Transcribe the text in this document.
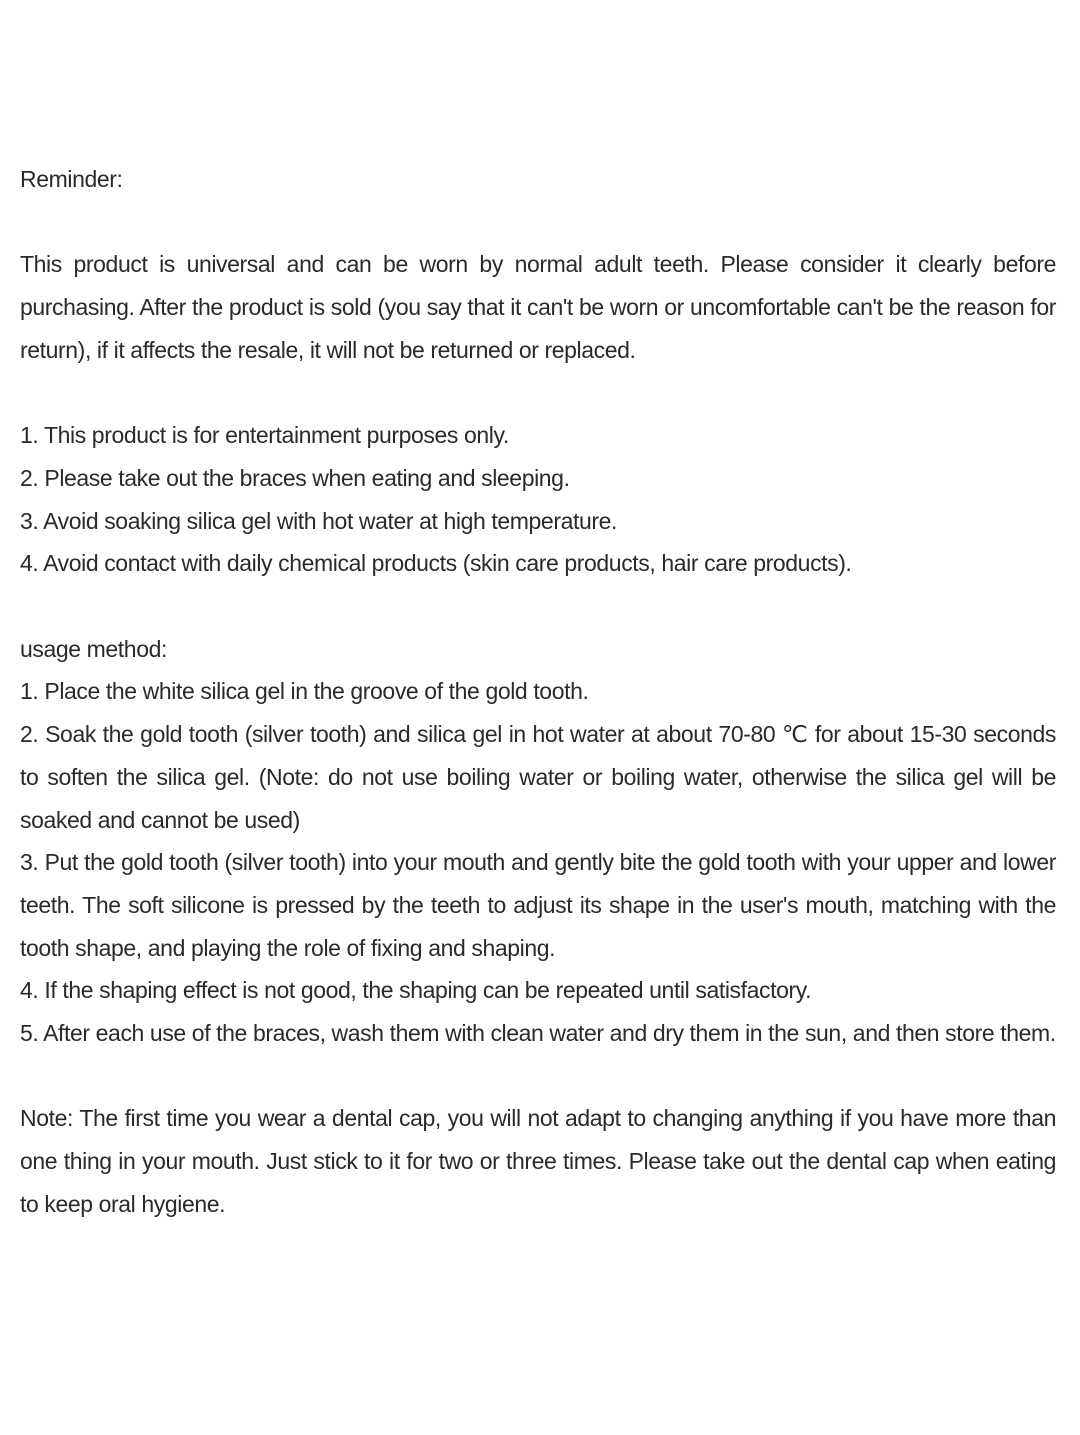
Reminder:

This product is universal and can be worn by normal adult teeth. Please consider it clearly before purchasing. After the product is sold (you say that it can't be worn or uncomfortable can't be the reason for return), if it affects the resale, it will not be returned or replaced.

1. This product is for entertainment purposes only.

2. Please take out the braces when eating and sleeping.

3. Avoid soaking silica gel with hot water at high temperature.

4. Avoid contact with daily chemical products (skin care products, hair care products).

usage method:

1. Place the white silica gel in the groove of the gold tooth.

2. Soak the gold tooth (silver tooth) and silica gel in hot water at about 70-80 ℃ for about 15-30 seconds to soften the silica gel. (Note: do not use boiling water or boiling water, otherwise the silica gel will be soaked and cannot be used)

3. Put the gold tooth (silver tooth) into your mouth and gently bite the gold tooth with your upper and lower teeth. The soft silicone is pressed by the teeth to adjust its shape in the user's mouth, matching with the tooth shape, and playing the role of fixing and shaping.

4. If the shaping effect is not good, the shaping can be repeated until satisfactory.

5. After each use of the braces, wash them with clean water and dry them in the sun, and then store them.

Note: The first time you wear a dental cap, you will not adapt to changing anything if you have more than one thing in your mouth. Just stick to it for two or three times. Please take out the dental cap when eating to keep oral hygiene.
